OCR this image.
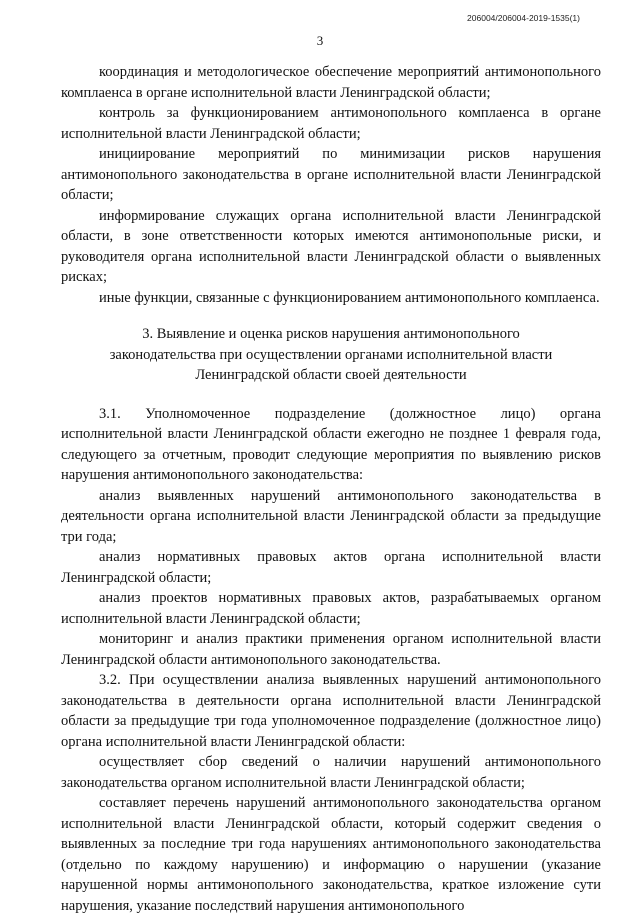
206004/206004-2019-1535(1)
3

координация и методологическое обеспечение мероприятий антимонопольного комплаенса в органе исполнительной власти Ленинградской области;

контроль за функционированием антимонопольного комплаенса в органе исполнительной власти Ленинградской области;

инициирование мероприятий по минимизации рисков нарушения антимонопольного законодательства в органе исполнительной власти Ленинградской области;

информирование служащих органа исполнительной власти Ленинградской области, в зоне ответственности которых имеются антимонопольные риски, и руководителя органа исполнительной власти Ленинградской области о выявленных рисках;

иные функции, связанные с функционированием антимонопольного комплаенса.

3. Выявление и оценка рисков нарушения антимонопольного законодательства при осуществлении органами исполнительной власти Ленинградской области своей деятельности

3.1. Уполномоченное подразделение (должностное лицо) органа исполнительной власти Ленинградской области ежегодно не позднее 1 февраля года, следующего за отчетным, проводит следующие мероприятия по выявлению рисков нарушения антимонопольного законодательства:

анализ выявленных нарушений антимонопольного законодательства в деятельности органа исполнительной власти Ленинградской области за предыдущие три года;

анализ нормативных правовых актов органа исполнительной власти Ленинградской области;

анализ проектов нормативных правовых актов, разрабатываемых органом исполнительной власти Ленинградской области;

мониторинг и анализ практики применения органом исполнительной власти Ленинградской области антимонопольного законодательства.

3.2. При осуществлении анализа выявленных нарушений антимонопольного законодательства в деятельности органа исполнительной власти Ленинградской области за предыдущие три года уполномоченное подразделение (должностное лицо) органа исполнительной власти Ленинградской области:

осуществляет сбор сведений о наличии нарушений антимонопольного законодательства органом исполнительной власти Ленинградской области;

составляет перечень нарушений антимонопольного законодательства органом исполнительной власти Ленинградской области, который содержит сведения о выявленных за последние три года нарушениях антимонопольного законодательства (отдельно по каждому нарушению) и информацию о нарушении (указание нарушенной нормы антимонопольного законодательства, краткое изложение сути нарушения, указание последствий нарушения антимонопольного
